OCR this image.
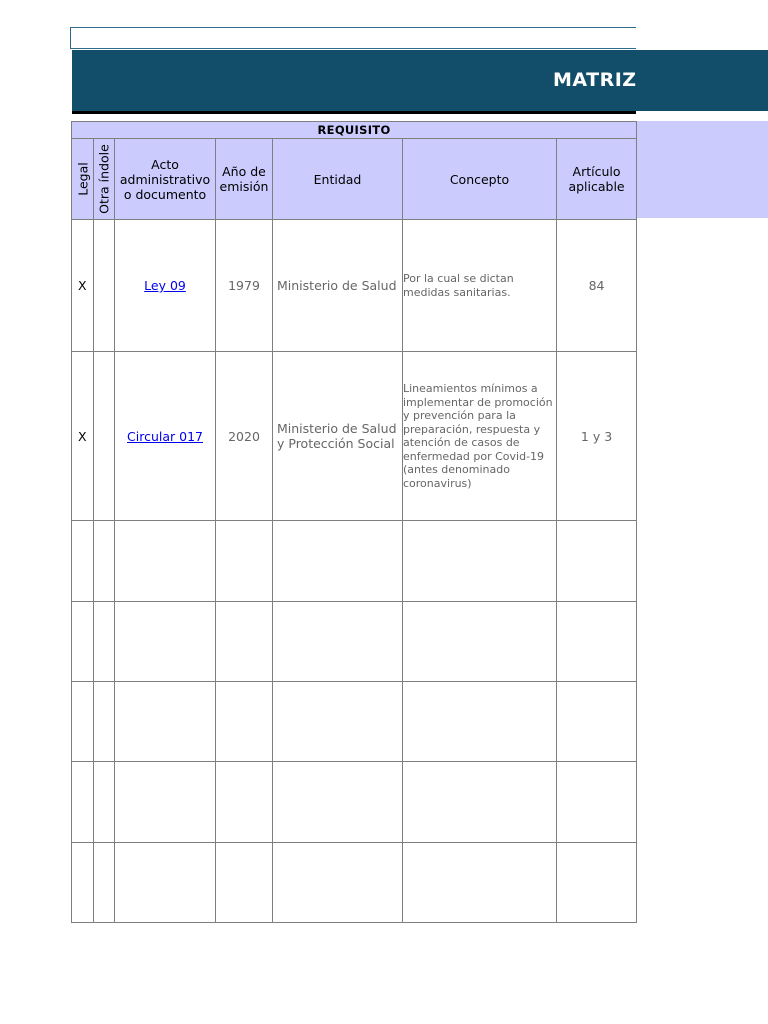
MATRIZ
REQUISITO						

Legal	Otra índole	Acto administrativo o documento	Año de emisión	Entidad	Concepto	Artículo aplicable
X		Ley 09	1979	Ministerio de Salud	Por la cual se dictan medidas sanitarias.	84
X		Circular 017	2020	Ministerio de Salud y Protección Social	Lineamientos mínimos a implementar de promoción y prevención para la preparación, respuesta y atención de casos de enfermedad por Covid-19 (antes denominado coronavirus)	1 y 3
